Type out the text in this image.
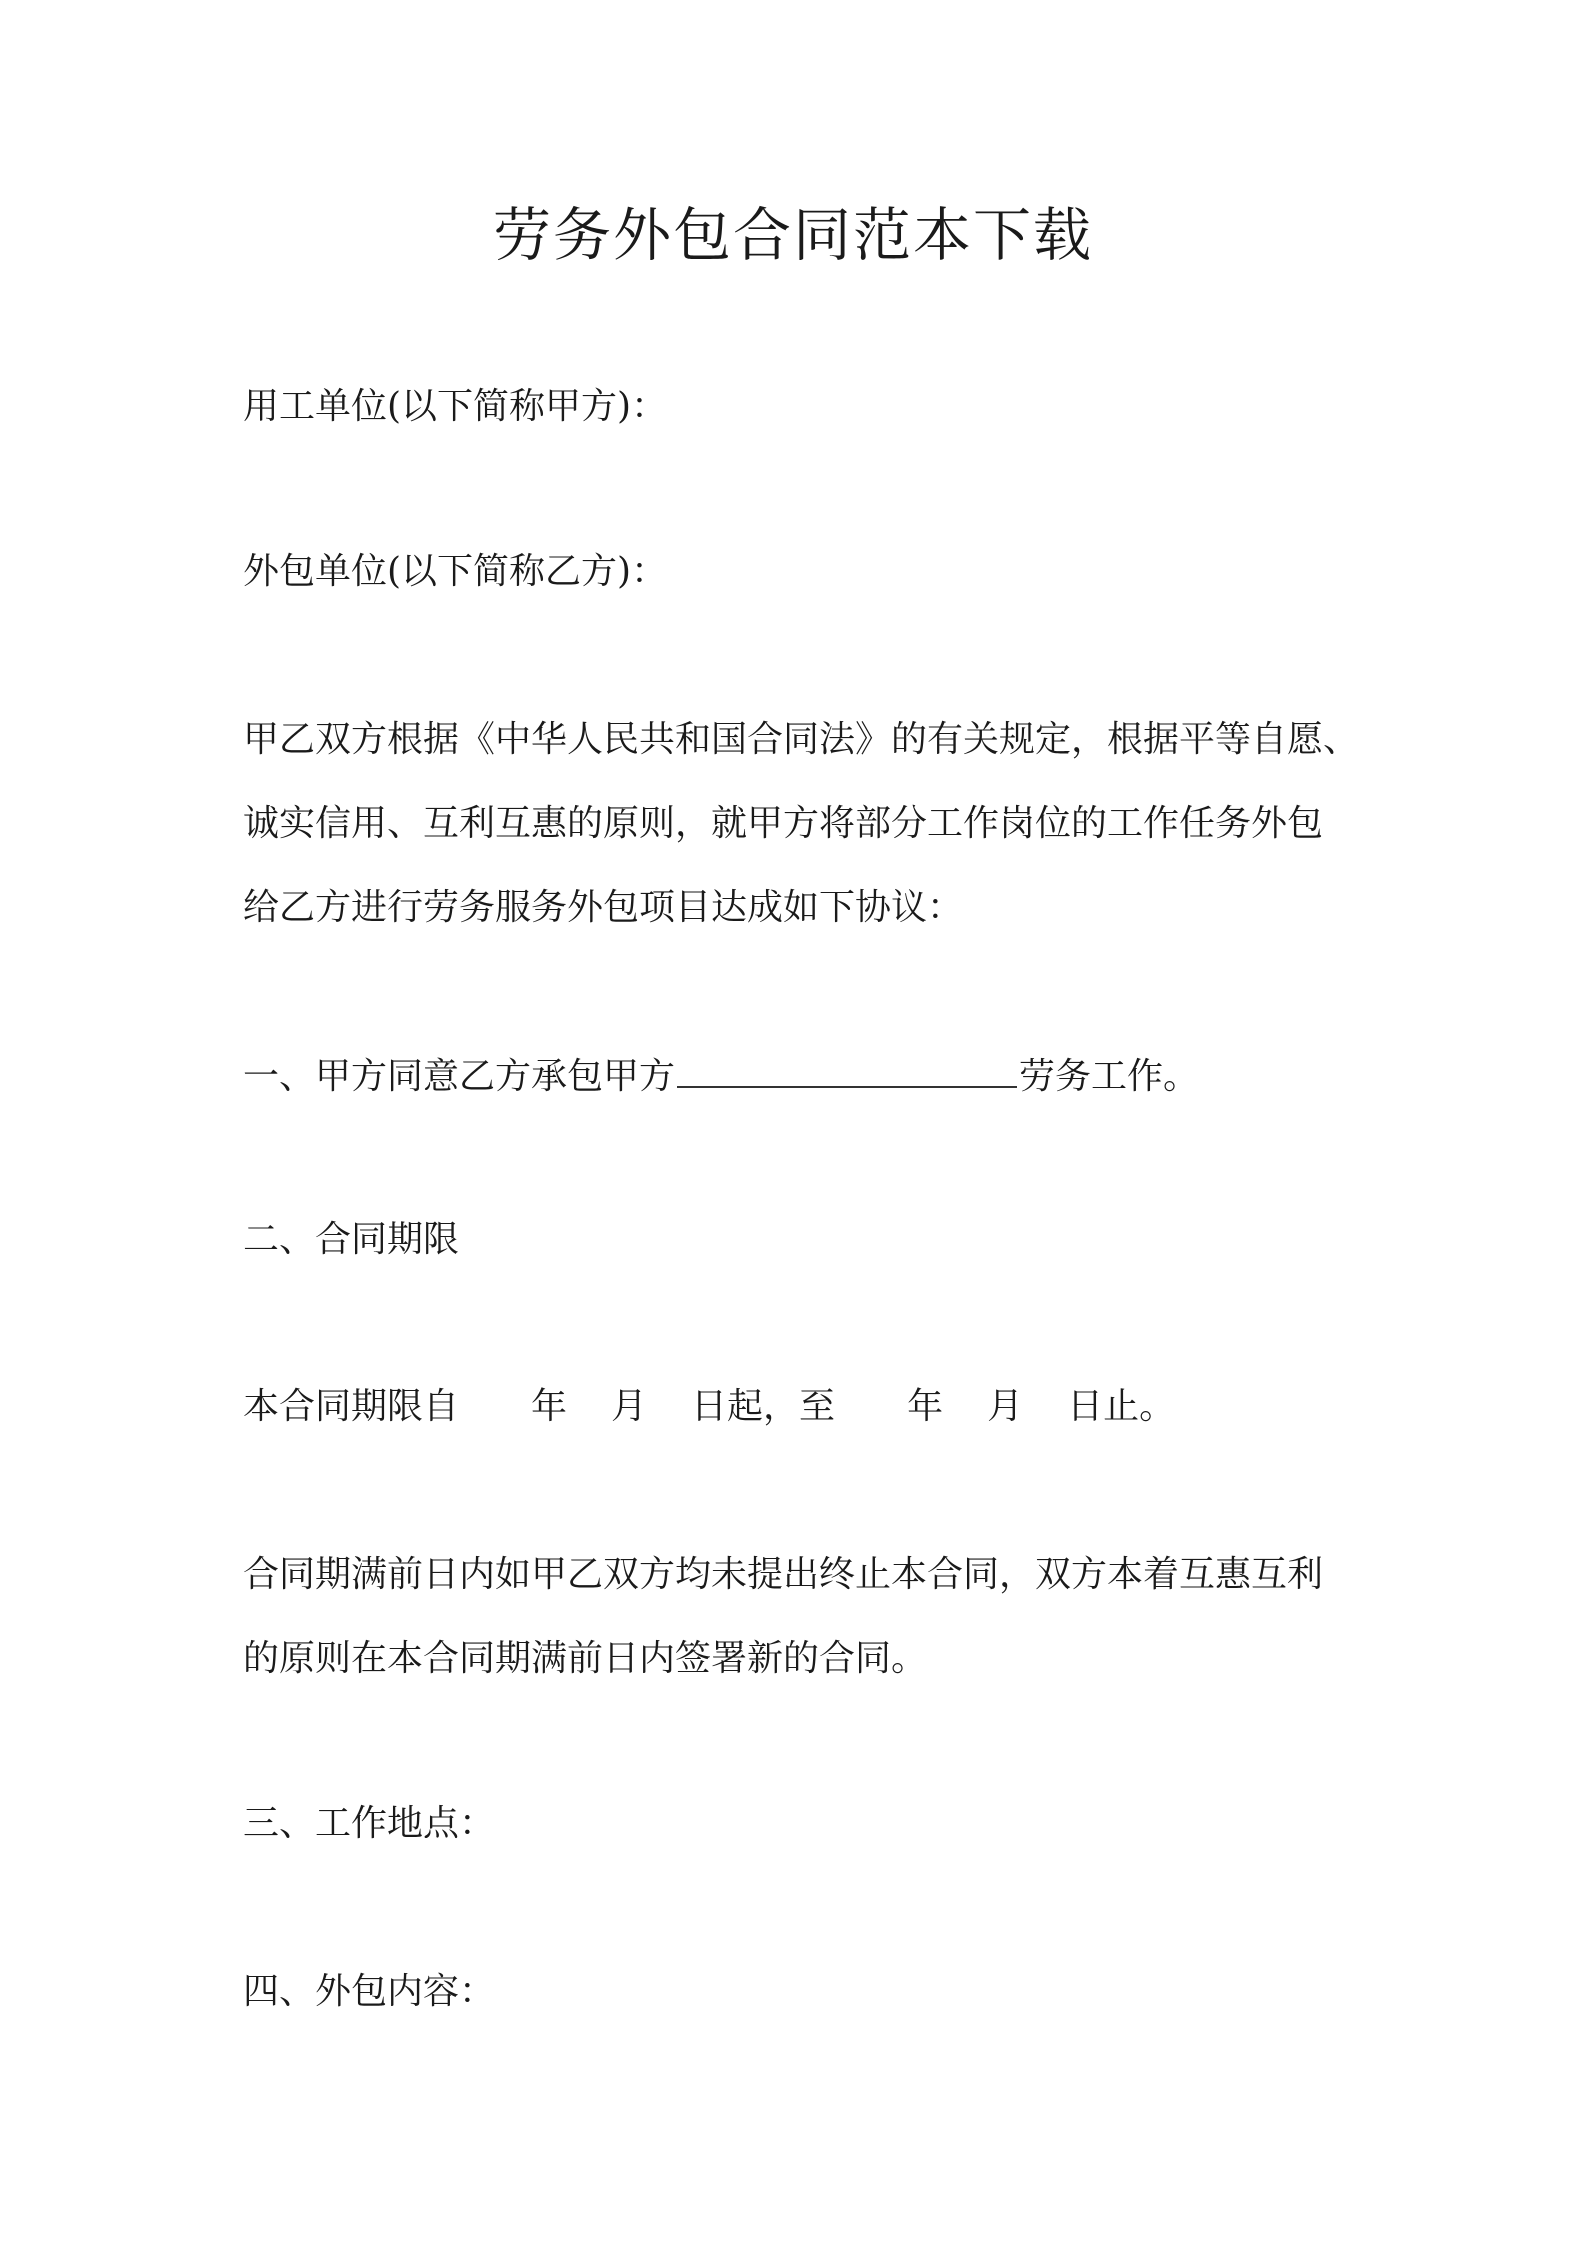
劳务外包合同范本下载
用工单位(以下简称甲方)：
外包单位(以下简称乙方)：
甲乙双方根据《中华人民共和国合同法》的有关规定，根据平等自愿、
诚实信用、互利互惠的原则，就甲方将部分工作岗位的工作任务外包
给乙方进行劳务服务外包项目达成如下协议：
一、甲方同意乙方承包甲方	劳务工作。
二、合同期限
本合同期限自 年 月 日起，至 年 月 日止。
合同期满前日内如甲乙双方均未提出终止本合同，双方本着互惠互利
的原则在本合同期满前日内签署新的合同。
三、工作地点：
四、外包内容：
